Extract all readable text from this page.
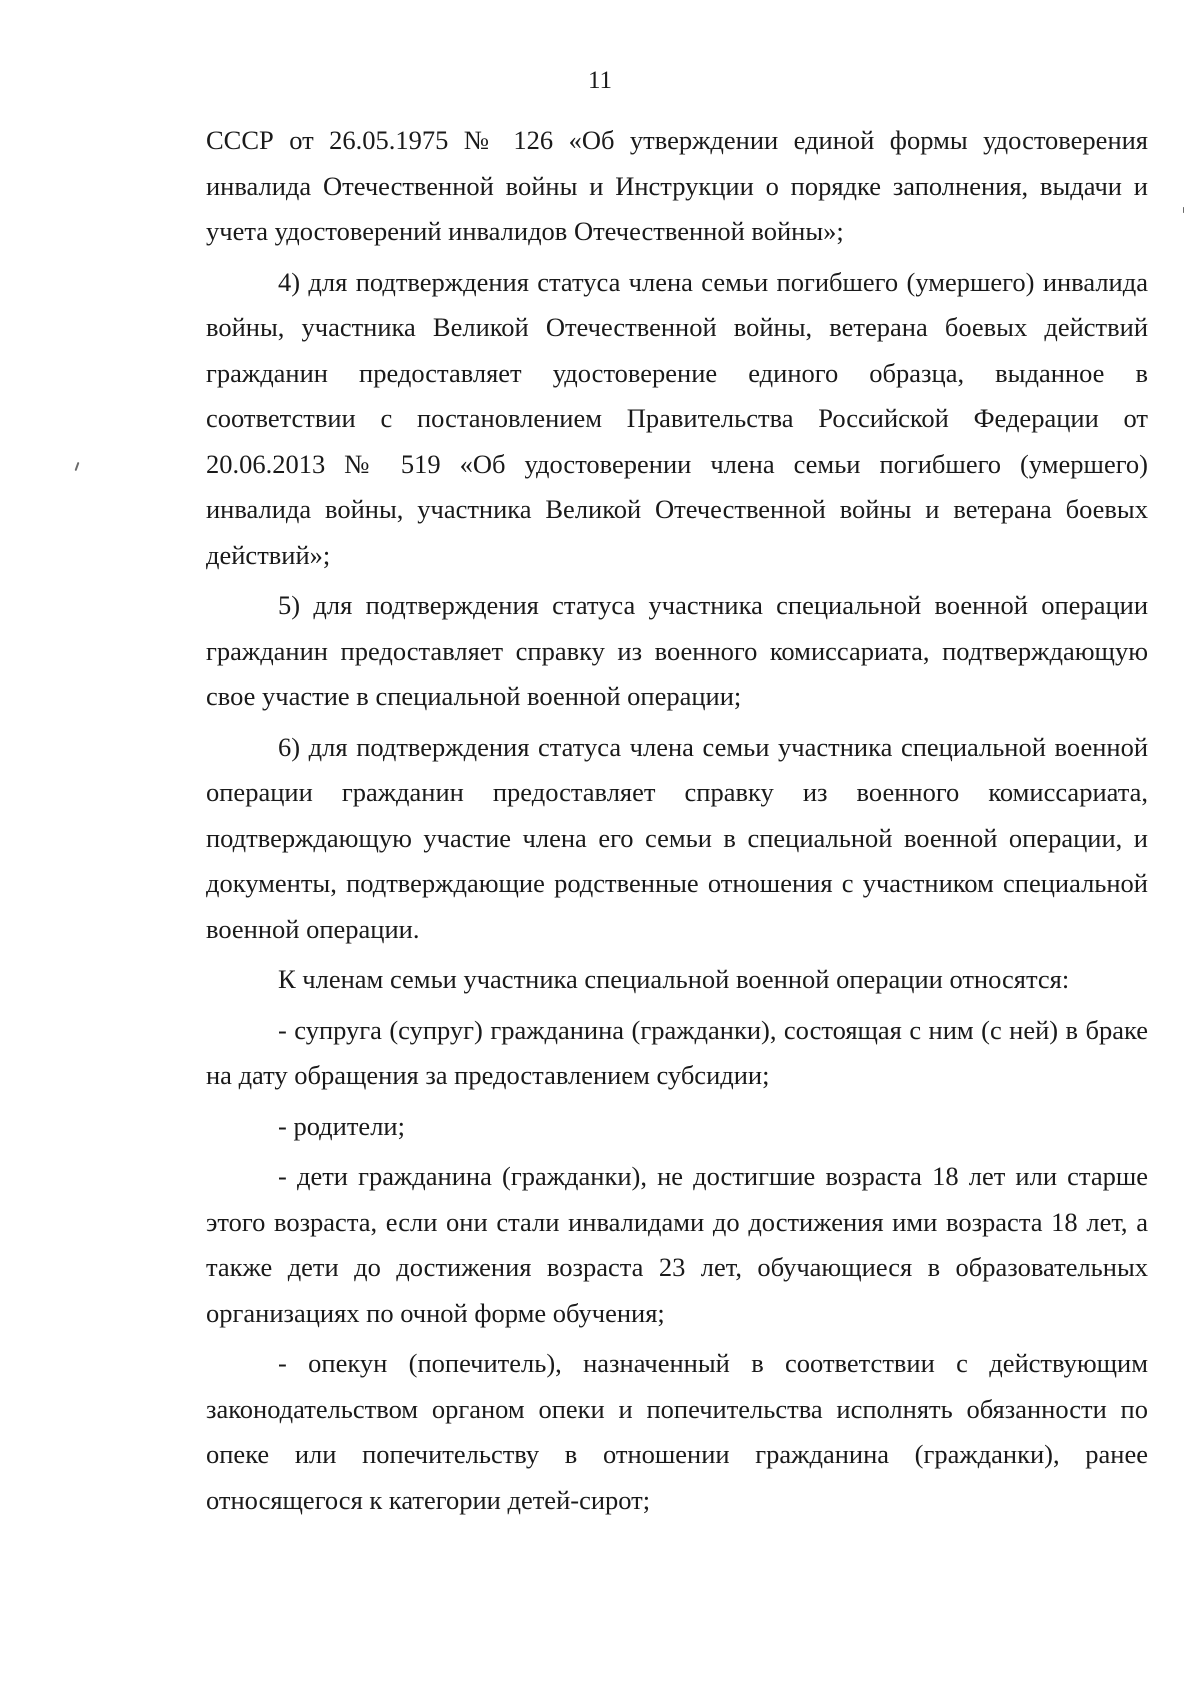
11

СССР от 26.05.1975 № 126 «Об утверждении единой формы удостоверения инвалида Отечественной войны и Инструкции о порядке заполнения, выдачи и учета удостоверений инвалидов Отечественной войны»;

4) для подтверждения статуса члена семьи погибшего (умершего) инвалида войны, участника Великой Отечественной войны, ветерана боевых действий гражданин предоставляет удостоверение единого образца, выданное в соответствии с постановлением Правительства Российской Федерации от 20.06.2013 № 519 «Об удостоверении члена семьи погибшего (умершего) инвалида войны, участника Великой Отечественной войны и ветерана боевых действий»;

5) для подтверждения статуса участника специальной военной операции гражданин предоставляет справку из военного комиссариата, подтверждающую свое участие в специальной военной операции;

6) для подтверждения статуса члена семьи участника специальной военной операции гражданин предоставляет справку из военного комиссариата, подтверждающую участие члена его семьи в специальной военной операции, и документы, подтверждающие родственные отношения с участником специальной военной операции.

К членам семьи участника специальной военной операции относятся:

- супруга (супруг) гражданина (гражданки), состоящая с ним (с ней) в браке на дату обращения за предоставлением субсидии;

- родители;

- дети гражданина (гражданки), не достигшие возраста 18 лет или старше этого возраста, если они стали инвалидами до достижения ими возраста 18 лет, а также дети до достижения возраста 23 лет, обучающиеся в образовательных организациях по очной форме обучения;

- опекун (попечитель), назначенный в соответствии с действующим законодательством органом опеки и попечительства исполнять обязанности по опеке или попечительству в отношении гражданина (гражданки), ранее относящегося к категории детей-сирот;
